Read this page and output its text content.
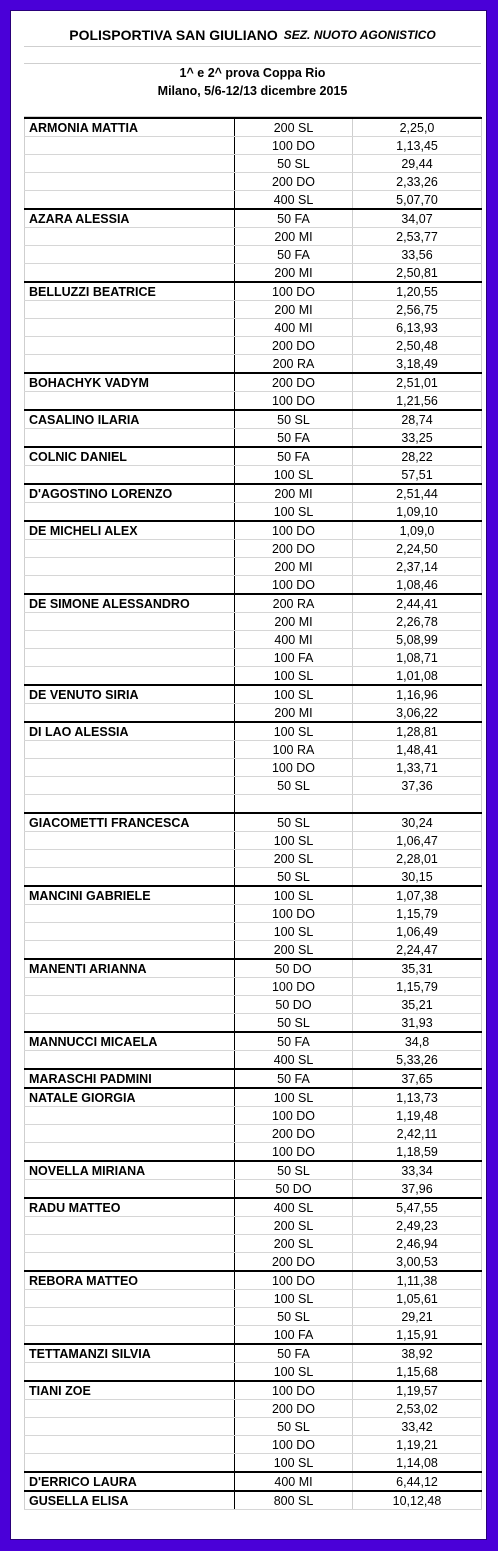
POLISPORTIVA SAN GIULIANO SEZ. NUOTO AGONISTICO
1^ e 2^ prova Coppa Rio
Milano, 5/6-12/13 dicembre 2015
ARMONIA MATTIA	200 SL	2,25,0
	100 DO	1,13,45
	50 SL	29,44
	200 DO	2,33,26
	400 SL	5,07,70
AZARA ALESSIA	50 FA	34,07
	200 MI	2,53,77
	50 FA	33,56
	200 MI	2,50,81
BELLUZZI BEATRICE	100 DO	1,20,55
	200 MI	2,56,75
	400 MI	6,13,93
	200 DO	2,50,48
	200 RA	3,18,49
BOHACHYK VADYM	200 DO	2,51,01
	100 DO	1,21,56
CASALINO ILARIA	50 SL	28,74
	50 FA	33,25
COLNIC DANIEL	50 FA	28,22
	100 SL	57,51
D'AGOSTINO LORENZO	200 MI	2,51,44
	100 SL	1,09,10
DE MICHELI ALEX	100 DO	1,09,0
	200 DO	2,24,50
	200 MI	2,37,14
	100 DO	1,08,46
DE SIMONE ALESSANDRO	200 RA	2,44,41
	200 MI	2,26,78
	400 MI	5,08,99
	100 FA	1,08,71
	100 SL	1,01,08
DE VENUTO SIRIA	100 SL	1,16,96
	200 MI	3,06,22
DI LAO ALESSIA	100 SL	1,28,81
	100 RA	1,48,41
	100 DO	1,33,71
	50 SL	37,36

GIACOMETTI FRANCESCA	50 SL	30,24
	100 SL	1,06,47
	200 SL	2,28,01
	50 SL	30,15
MANCINI GABRIELE	100 SL	1,07,38
	100 DO	1,15,79
	100 SL	1,06,49
	200 SL	2,24,47
MANENTI ARIANNA	50 DO	35,31
	100 DO	1,15,79
	50 DO	35,21
	50 SL	31,93
MANNUCCI MICAELA	50 FA	34,8
	400 SL	5,33,26
MARASCHI PADMINI	50 FA	37,65
NATALE GIORGIA	100 SL	1,13,73
	100 DO	1,19,48
	200 DO	2,42,11
	100 DO	1,18,59
NOVELLA MIRIANA	50 SL	33,34
	50 DO	37,96
RADU MATTEO	400 SL	5,47,55
	200 SL	2,49,23
	200 SL	2,46,94
	200 DO	3,00,53
REBORA MATTEO	100 DO	1,11,38
	100 SL	1,05,61
	50 SL	29,21
	100 FA	1,15,91
TETTAMANZI SILVIA	50 FA	38,92
	100 SL	1,15,68
TIANI ZOE	100 DO	1,19,57
	200 DO	2,53,02
	50 SL	33,42
	100 DO	1,19,21
	100 SL	1,14,08
D'ERRICO LAURA	400 MI	6,44,12
GUSELLA ELISA	800 SL	10,12,48
